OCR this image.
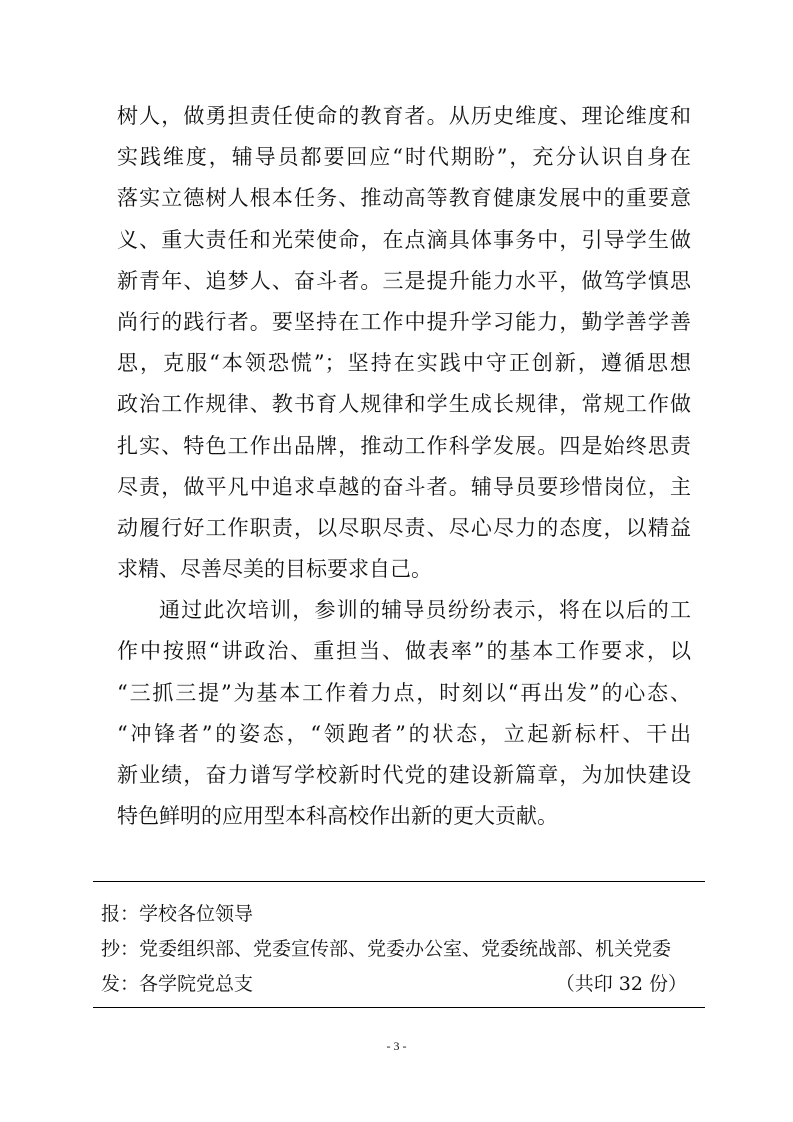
树人，做勇担责任使命的教育者。从历史维度、理论维度和
实践维度，辅导员都要回应“时代期盼”，充分认识自身在
落实立德树人根本任务、推动高等教育健康发展中的重要意
义、重大责任和光荣使命，在点滴具体事务中，引导学生做
新青年、追梦人、奋斗者。三是提升能力水平，做笃学慎思
尚行的践行者。要坚持在工作中提升学习能力，勤学善学善
思，克服“本领恐慌”；坚持在实践中守正创新，遵循思想
政治工作规律、教书育人规律和学生成长规律，常规工作做
扎实、特色工作出品牌，推动工作科学发展。四是始终思责
尽责，做平凡中追求卓越的奋斗者。辅导员要珍惜岗位，主
动履行好工作职责，以尽职尽责、尽心尽力的态度，以精益
求精、尽善尽美的目标要求自己。
通过此次培训，参训的辅导员纷纷表示，将在以后的工
作中按照“讲政治、重担当、做表率”的基本工作要求，以
“三抓三提”为基本工作着力点，时刻以“再出发”的心态、
“冲锋者”的姿态，“领跑者”的状态，立起新标杆、干出
新业绩，奋力谱写学校新时代党的建设新篇章，为加快建设
特色鲜明的应用型本科高校作出新的更大贡献。
报：学校各位领导
抄：党委组织部、党委宣传部、党委办公室、党委统战部、机关党委
发：各学院党总支	（共印 32 份）
- 3 -
